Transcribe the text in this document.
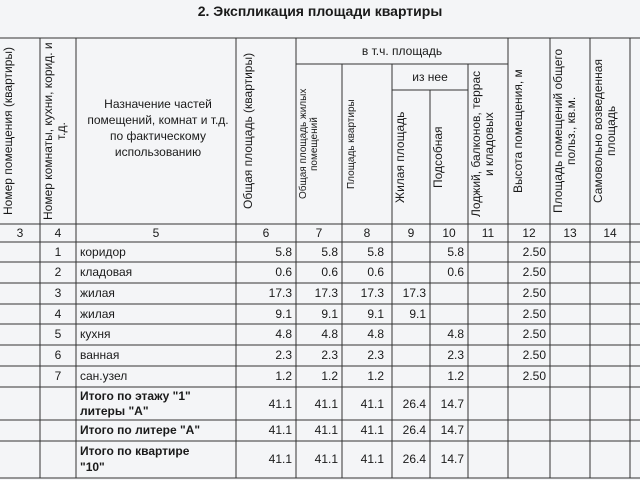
2. Экспликация площади квартиры
Номер помещения (квартиры)	Номер комнаты, кухни, корид. и т.д.
Назначение частей помещений, комнат и т.д. по фактическому использованию	Общая площадь (квартиры)
в т.ч. площадь
Общая площадь жилых помещений	Площадь квартиры
из нее
Жилая площадь	Подсобная	Лоджий, балконов, террас и кладовых	Высота помещения, м	Площадь помещений общего польз., кв.м.	Самовольно возведенная площадь
3	4	5	6	7	8	9	10	11	12	13	14
1	коридор	5.8	5.8	5.8	5.8	2.50
2	кладовая	0.6	0.6	0.6	0.6	2.50
3	жилая	17.3	17.3	17.3	17.3	2.50
4	жилая	9.1	9.1	9.1	9.1	2.50
5	кухня	4.8	4.8	4.8	4.8	2.50
6	ванная	2.3	2.3	2.3	2.3	2.50
7	сан.узел	1.2	1.2	1.2	1.2	2.50
Итого по этажу "1"
литеры "А"	41.1	41.1	41.1	26.4	14.7
Итого по литере "А"	41.1	41.1	41.1	26.4	14.7
Итого по квартире
"10"
41.1	41.1	41.1	26.4	14.7
